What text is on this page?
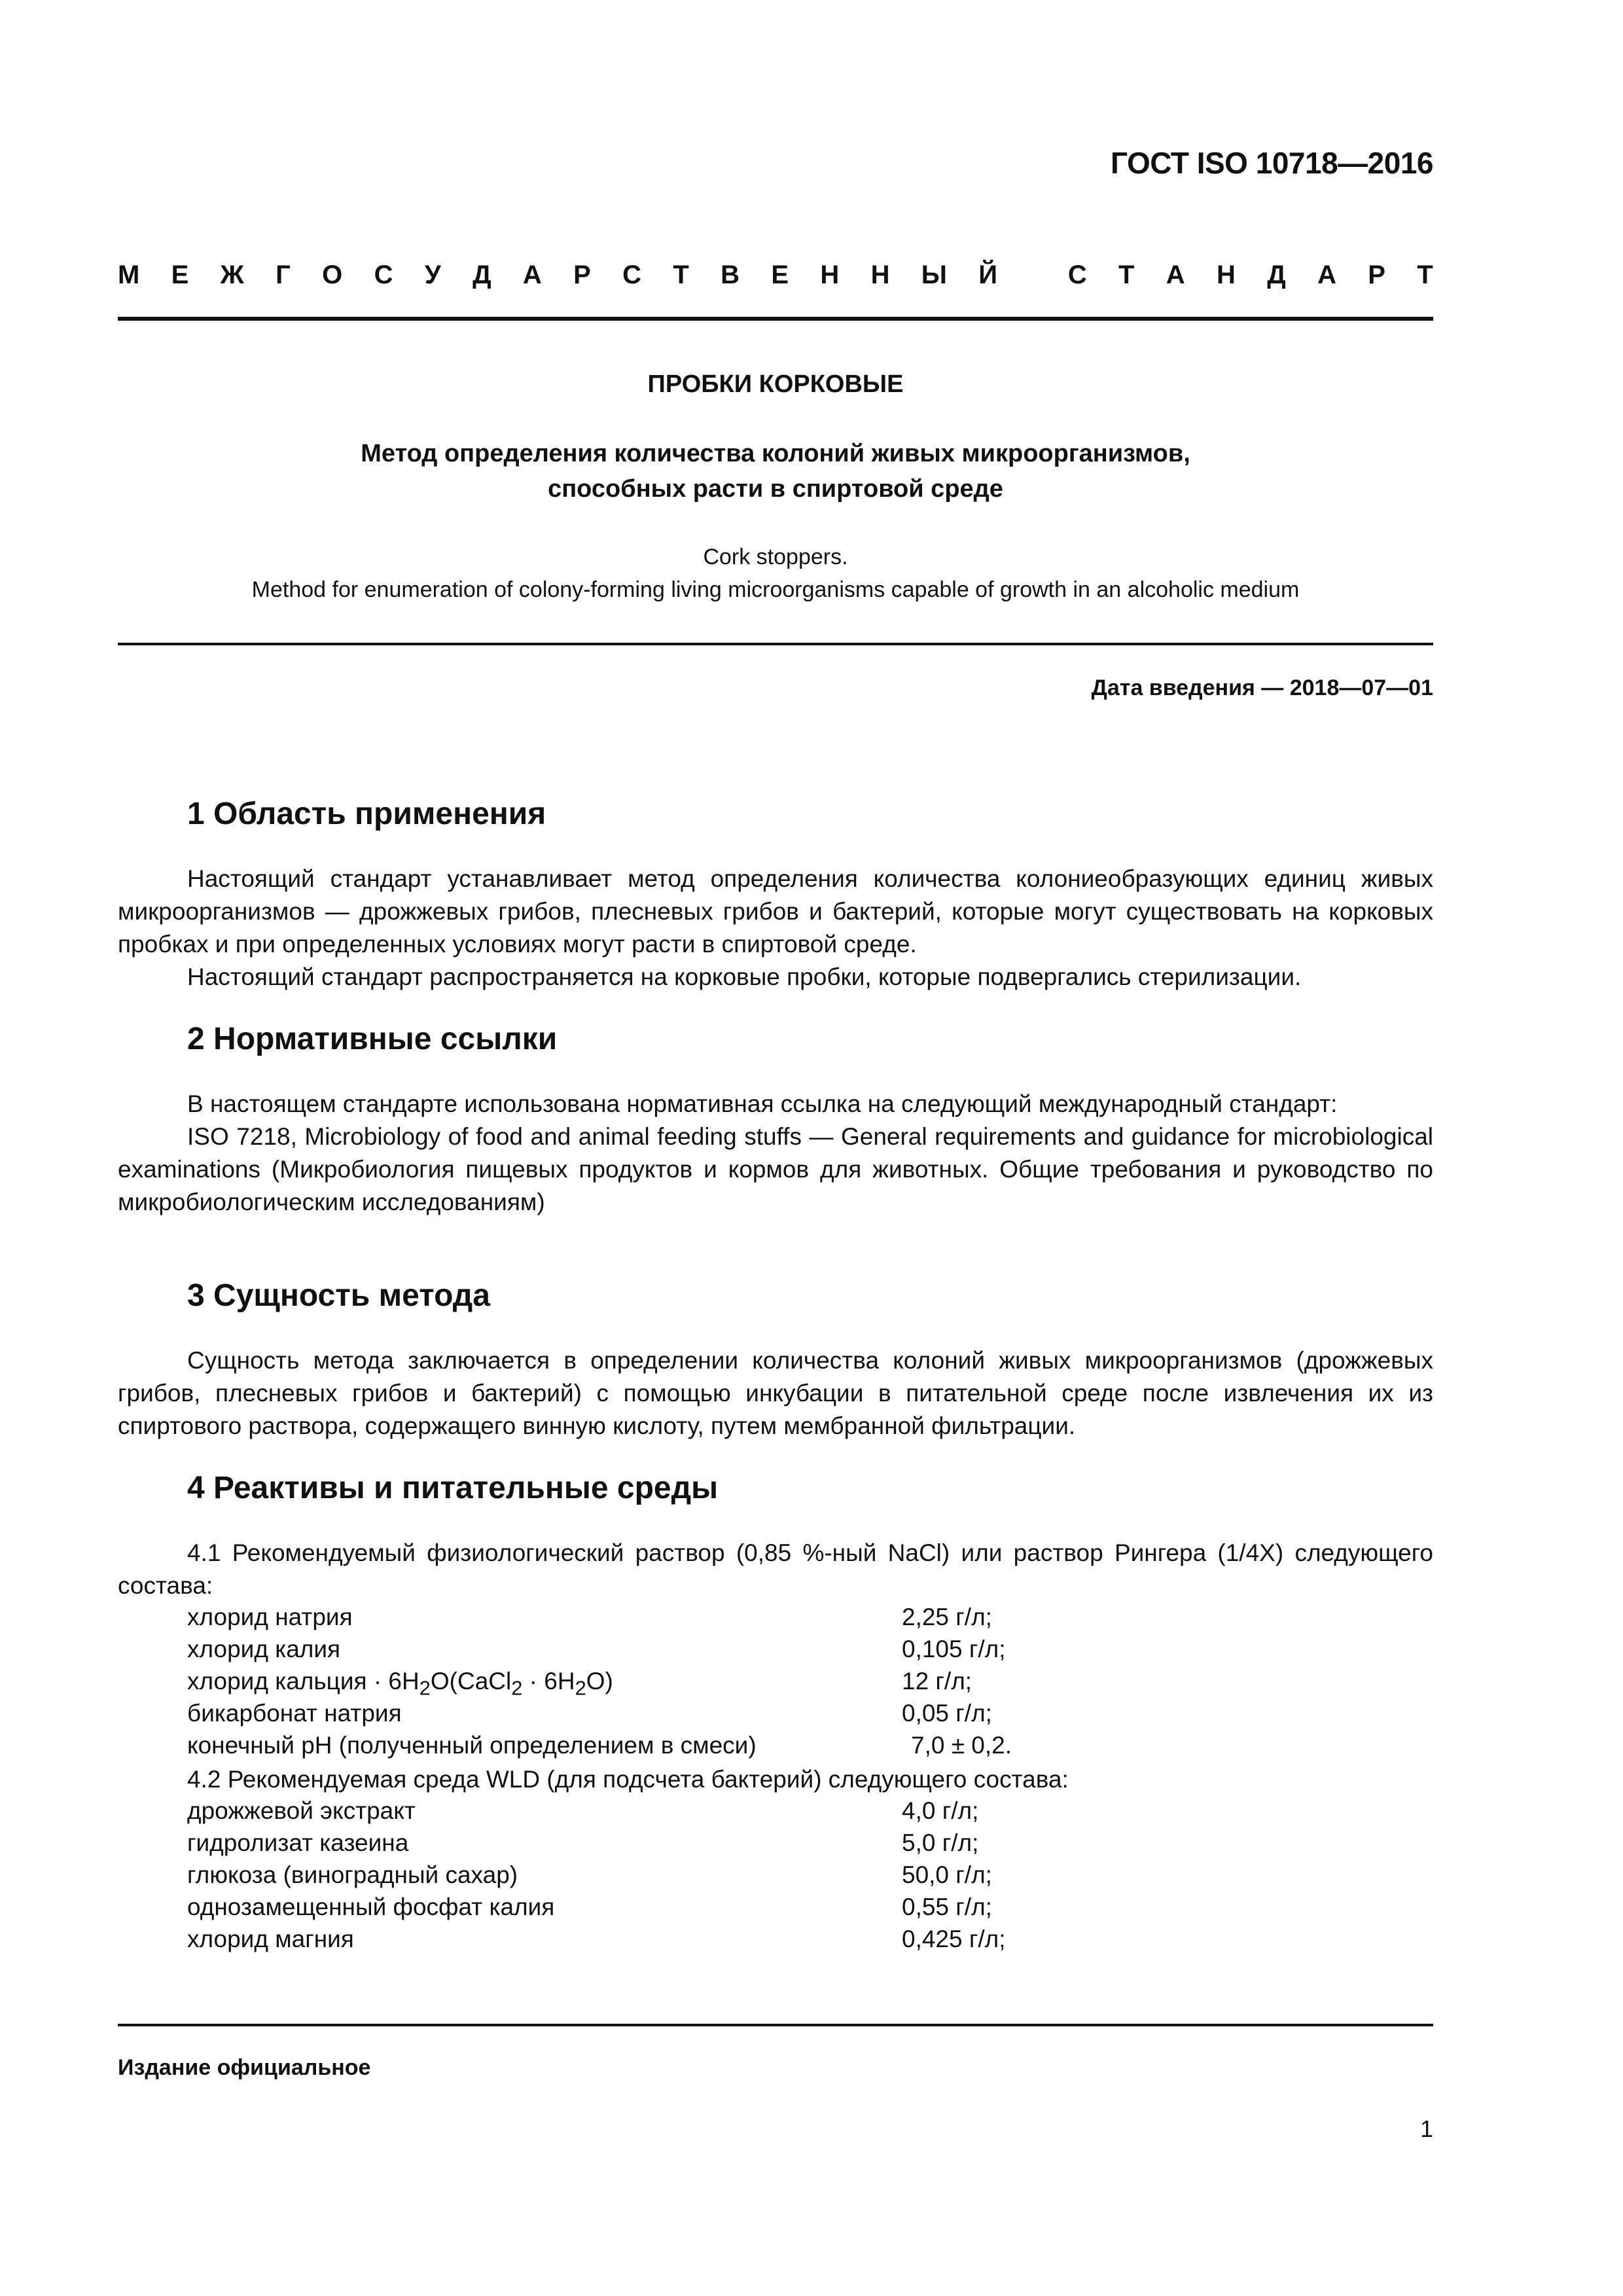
ГОСТ ISO 10718—2016
М Е Ж Г О С У Д А Р С Т В Е Н Н Ы Й
	С Т А Н Д А Р Т
ПРОБКИ КОРКОВЫЕ
Метод определения количества колоний живых микроорганизмов,
способных расти в спиртовой среде
Cork stoppers.
Method for enumeration of colony-forming living microorganisms capable of growth in an alcoholic medium
Дата введения — 2018—07—01
1 Область применения

Настоящий стандарт устанавливает метод определения количества колониеобразующих единиц живых микроорганизмов — дрожжевых грибов, плесневых грибов и бактерий, которые могут существовать на корковых пробках и при определенных условиях могут расти в спиртовой среде.

Настоящий стандарт распространяется на корковые пробки, которые подвергались стерилизации.

2 Нормативные ссылки

В настоящем стандарте использована нормативная ссылка на следующий международный стандарт:

ISO 7218, Microbiology of food and animal feeding stuffs — General requirements and guidance for microbiological examinations (Микробиология пищевых продуктов и кормов для животных. Общие требования и руководство по микробиологическим исследованиям)

3 Сущность метода

Сущность метода заключается в определении количества колоний живых микроорганизмов (дрожжевых грибов, плесневых грибов и бактерий) с помощью инкубации в питательной среде после извлечения их из спиртового раствора, содержащего винную кислоту, путем мембранной фильтрации.

4 Реактивы и питательные среды

4.1 Рекомендуемый физиологический раствор (0,85 %-ный NaCl) или раствор Рингера (1/4X) следующего состава:

хлорид натрия	2,25 г/л;
хлорид калия	0,105 г/л;
хлорид кальция · $6H_2O(CaCl_2 \cdot 6H_2O)$	12 г/л;
бикарбонат натрия	0,05 г/л;
конечный pH (полученный определением в смеси)	7,0 ± 0,2.
4.2 Рекомендуемая среда WLD (для подсчета бактерий) следующего состава:
дрожжевой экстракт	4,0 г/л;
гидролизат казеина	5,0 г/л;
глюкоза (виноградный сахар)	50,0 г/л;
однозамещенный фосфат калия	0,55 г/л;
хлорид магния	0,425 г/л;
Издание официальное
1
